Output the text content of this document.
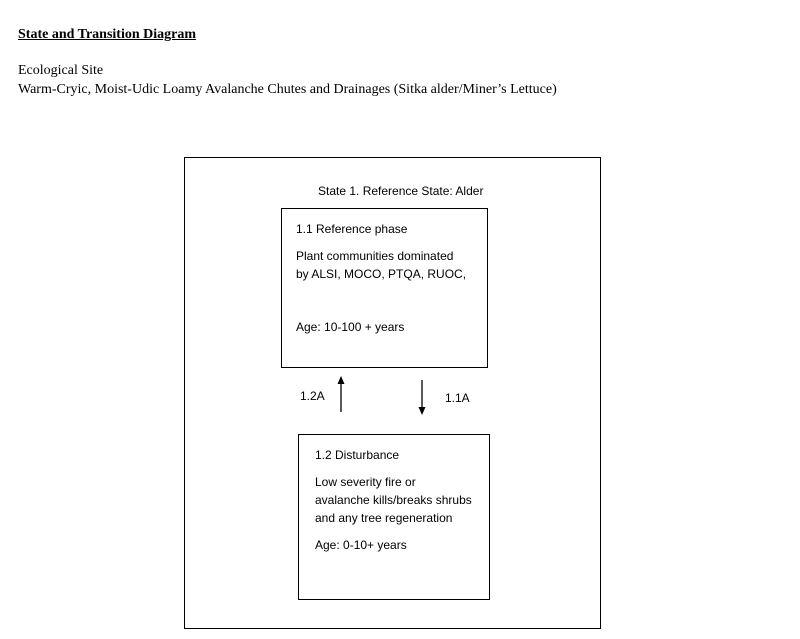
State and Transition Diagram
Ecological Site
Warm-Cryic, Moist-Udic Loamy Avalanche Chutes and Drainages (Sitka alder/Miner’s Lettuce)
State 1. Reference State: Alder
1.1 Reference phase
Plant communities dominated
by ALSI, MOCO, PTQA, RUOC,
Age: 10-100 + years
1.2 Disturbance
Low severity fire or
avalanche kills/breaks shrubs
and any tree regeneration
Age: 0-10+ years
1.2A	1.1A
